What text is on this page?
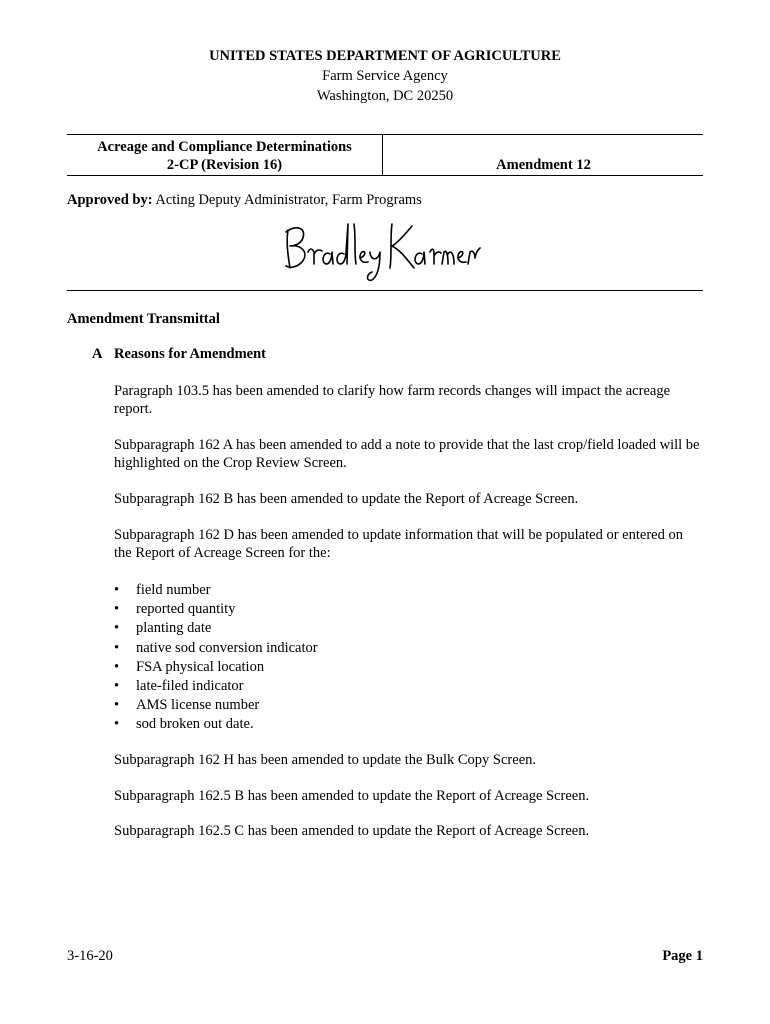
UNITED STATES DEPARTMENT OF AGRICULTURE
Farm Service Agency
Washington, DC 20250
Acreage and Compliance Determinations
2-CP (Revision 16)	Amendment 12
Approved by: Acting Deputy Administrator, Farm Programs
Amendment Transmittal
A Reasons for Amendment
Paragraph 103.5 has been amended to clarify how farm records changes will impact the acreage report.
Subparagraph 162 A has been amended to add a note to provide that the last crop/field loaded will be highlighted on the Crop Review Screen.
Subparagraph 162 B has been amended to update the Report of Acreage Screen.
Subparagraph 162 D has been amended to update information that will be populated or entered on the Report of Acreage Screen for the:
• field number
• reported quantity
• planting date
• native sod conversion indicator
• FSA physical location
• late-filed indicator
• AMS license number
• sod broken out date.
Subparagraph 162 H has been amended to update the Bulk Copy Screen.
Subparagraph 162.5 B has been amended to update the Report of Acreage Screen.
Subparagraph 162.5 C has been amended to update the Report of Acreage Screen.
3-16-20	Page 1
